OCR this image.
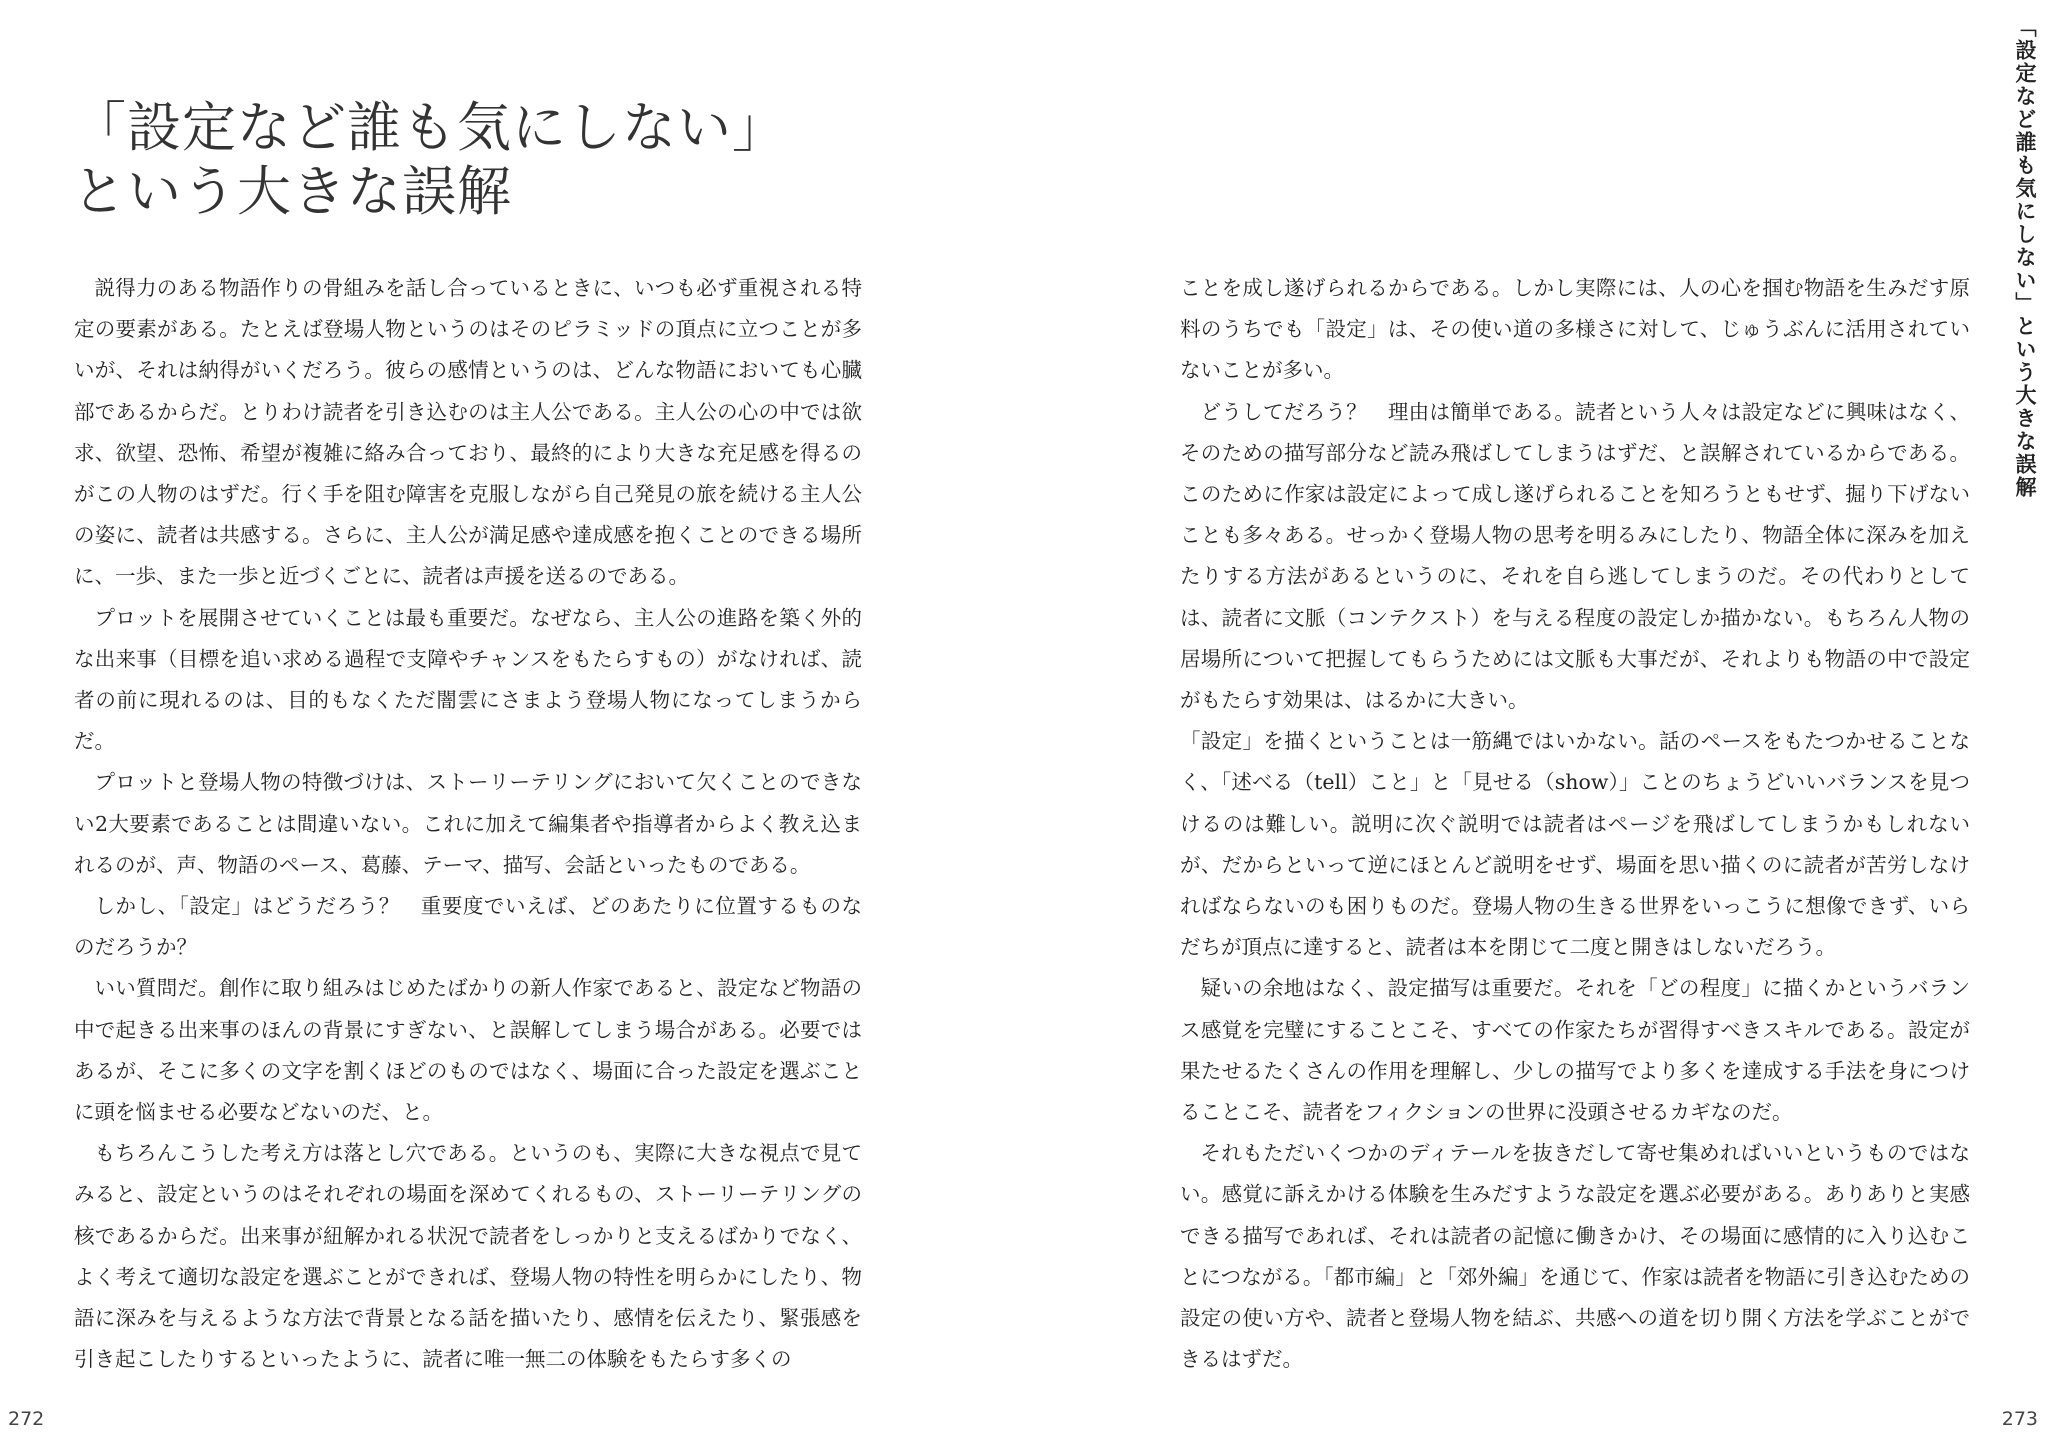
「設定など誰も気にしない」
という大きな誤解

説得力のある物語作りの骨組みを話し合っているときに、いつも必ず重視される特定の要素がある。たとえば登場人物というのはそのピラミッドの頂点に立つことが多いが、それは納得がいくだろう。彼らの感情というのは、どんな物語においても心臓部であるからだ。とりわけ読者を引き込むのは主人公である。主人公の心の中では欲求、欲望、恐怖、希望が複雑に絡み合っており、最終的により大きな充足感を得るのがこの人物のはずだ。行く手を阻む障害を克服しながら自己発見の旅を続ける主人公の姿に、読者は共感する。さらに、主人公が満足感や達成感を抱くことのできる場所に、一歩、また一歩と近づくごとに、読者は声援を送るのである。

プロットを展開させていくことは最も重要だ。なぜなら、主人公の進路を築く外的な出来事（目標を追い求める過程で支障やチャンスをもたらすもの）がなければ、読者の前に現れるのは、目的もなくただ闇雲にさまよう登場人物になってしまうからだ。

プロットと登場人物の特徴づけは、ストーリーテリングにおいて欠くことのできない2大要素であることは間違いない。これに加えて編集者や指導者からよく教え込まれるのが、声、物語のペース、葛藤、テーマ、描写、会話といったものである。

しかし、「設定」はどうだろう？　重要度でいえば、どのあたりに位置するものなのだろうか？

いい質問だ。創作に取り組みはじめたばかりの新人作家であると、設定など物語の中で起きる出来事のほんの背景にすぎない、と誤解してしまう場合がある。必要ではあるが、そこに多くの文字を割くほどのものではなく、場面に合った設定を選ぶことに頭を悩ませる必要などないのだ、と。

もちろんこうした考え方は落とし穴である。というのも、実際に大きな視点で見てみると、設定というのはそれぞれの場面を深めてくれるもの、ストーリーテリングの核であるからだ。出来事が紐解かれる状況で読者をしっかりと支えるばかりでなく、よく考えて適切な設定を選ぶことができれば、登場人物の特性を明らかにしたり、物語に深みを与えるような方法で背景となる話を描いたり、感情を伝えたり、緊張感を引き起こしたりするといったように、読者に唯一無二の体験をもたらす多くの

272

ことを成し遂げられるからである。しかし実際には、人の心を掴む物語を生みだす原料のうちでも「設定」は、その使い道の多様さに対して、じゅうぶんに活用されていないことが多い。

どうしてだろう？　理由は簡単である。読者という人々は設定などに興味はなく、そのための描写部分など読み飛ばしてしまうはずだ、と誤解されているからである。このために作家は設定によって成し遂げられることを知ろうともせず、掘り下げないことも多々ある。せっかく登場人物の思考を明るみにしたり、物語全体に深みを加えたりする方法があるというのに、それを自ら逃してしまうのだ。その代わりとしては、読者に文脈（コンテクスト）を与える程度の設定しか描かない。もちろん人物の居場所について把握してもらうためには文脈も大事だが、それよりも物語の中で設定がもたらす効果は、はるかに大きい。

「設定」を描くということは一筋縄ではいかない。話のペースをもたつかせることなく、「述べる（tell）こと」と「見せる（show）」ことのちょうどいいバランスを見つけるのは難しい。説明に次ぐ説明では読者はページを飛ばしてしまうかもしれないが、だからといって逆にほとんど説明をせず、場面を思い描くのに読者が苦労しなければならないのも困りものだ。登場人物の生きる世界をいっこうに想像できず、いらだちが頂点に達すると、読者は本を閉じて二度と開きはしないだろう。

疑いの余地はなく、設定描写は重要だ。それを「どの程度」に描くかというバランス感覚を完璧にすることこそ、すべての作家たちが習得すべきスキルである。設定が果たせるたくさんの作用を理解し、少しの描写でより多くを達成する手法を身につけることこそ、読者をフィクションの世界に没頭させるカギなのだ。

それもただいくつかのディテールを抜きだして寄せ集めればいいというものではない。感覚に訴えかける体験を生みだすような設定を選ぶ必要がある。ありありと実感できる描写であれば、それは読者の記憶に働きかけ、その場面に感情的に入り込むことにつながる。「都市編」と「郊外編」を通じて、作家は読者を物語に引き込むための設定の使い方や、読者と登場人物を結ぶ、共感への道を切り開く方法を学ぶことができるはずだ。

「設定など誰も気にしない」という大きな誤解
273
